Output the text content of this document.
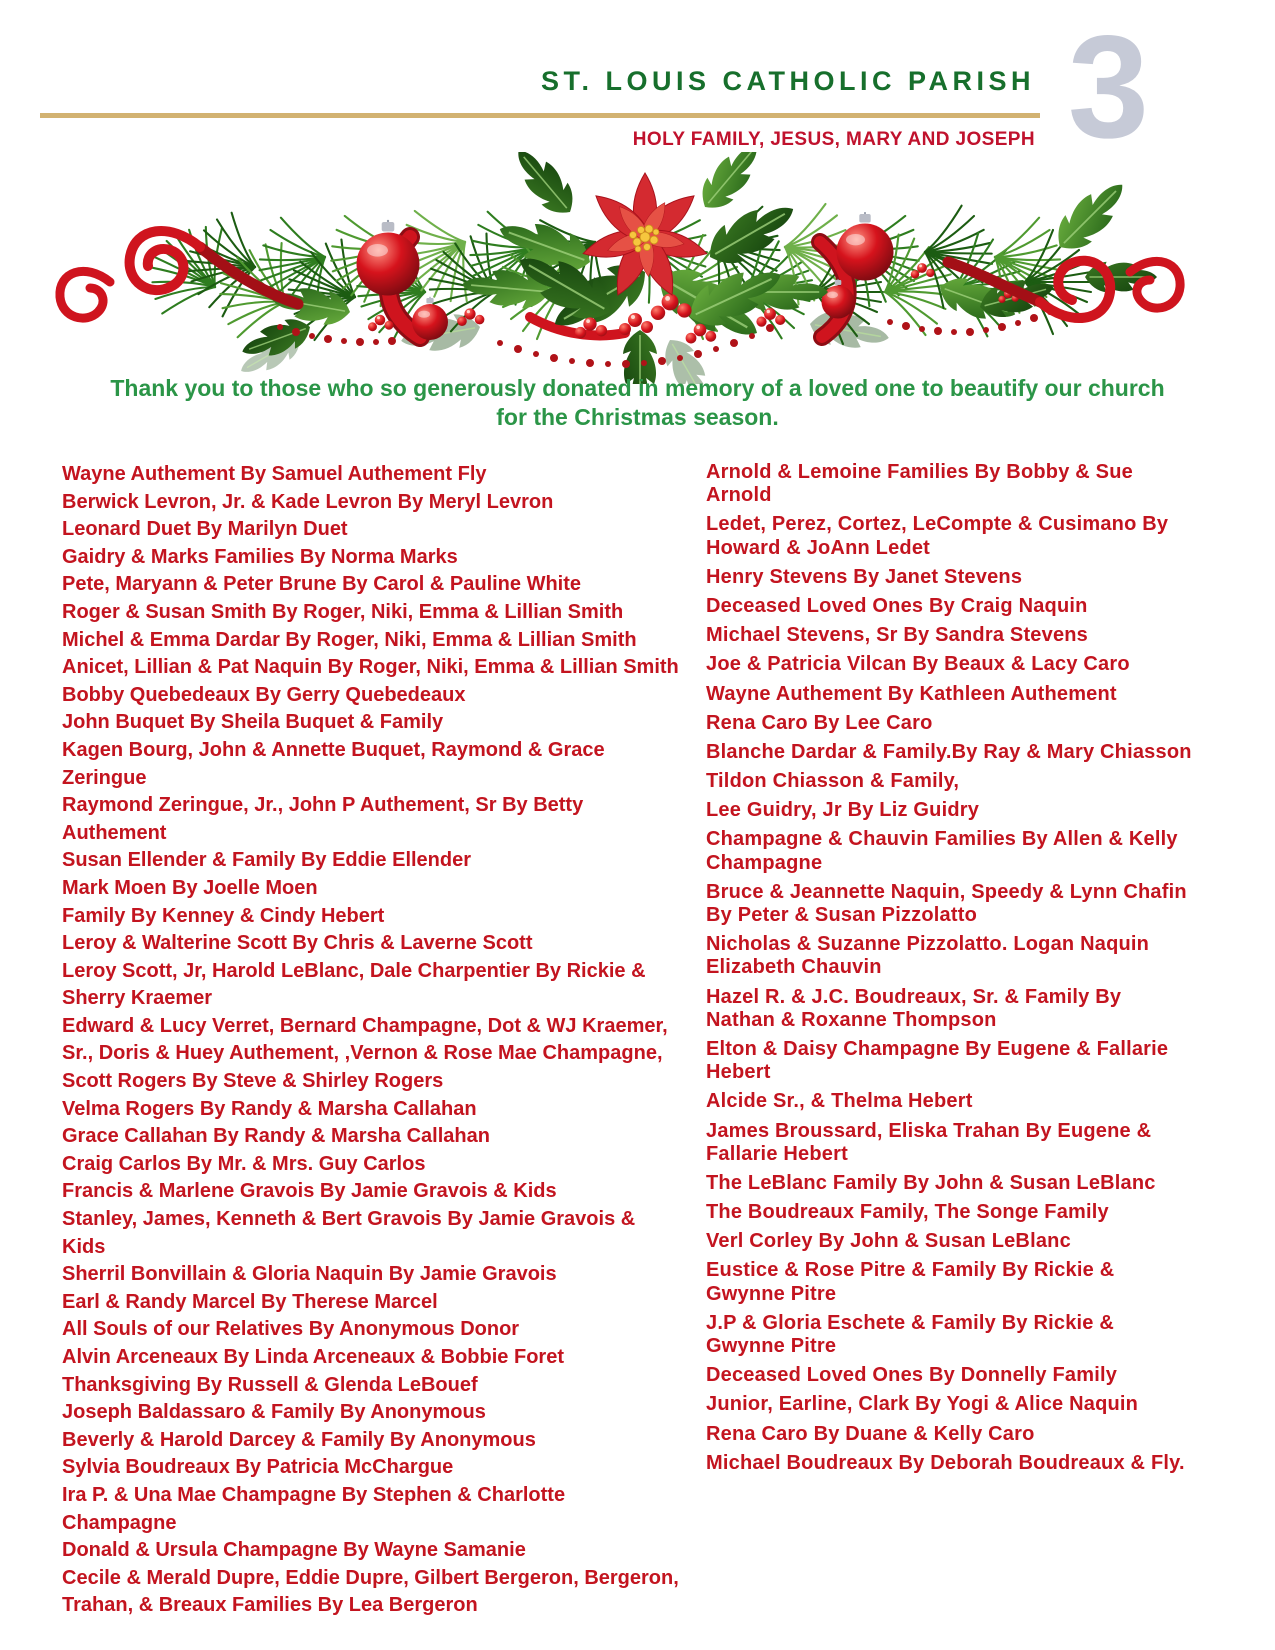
ST. LOUIS CATHOLIC PARISH
HOLY FAMILY, JESUS, MARY AND JOSEPH 3

Thank you to those who so generously donated in memory of a loved one to beautify our church for the Christmas season.

Wayne Authement By Samuel Authement Fly
Berwick Levron, Jr. & Kade Levron By Meryl Levron
Leonard Duet By Marilyn Duet
Gaidry & Marks Families By Norma Marks
Pete, Maryann & Peter Brune By Carol & Pauline White
Roger & Susan Smith By Roger, Niki, Emma & Lillian Smith
Michel & Emma Dardar By Roger, Niki, Emma & Lillian Smith
Anicet, Lillian & Pat Naquin By Roger, Niki, Emma & Lillian Smith
Bobby Quebedeaux By Gerry Quebedeaux
John Buquet By Sheila Buquet & Family
Kagen Bourg, John & Annette Buquet, Raymond & Grace Zeringue
Raymond Zeringue, Jr., John P Authement, Sr By Betty Authement
Susan Ellender & Family By Eddie Ellender
Mark Moen By Joelle Moen
Family By Kenney & Cindy Hebert
Leroy & Walterine Scott By Chris & Laverne Scott
Leroy Scott, Jr, Harold LeBlanc, Dale Charpentier By Rickie & Sherry Kraemer
Edward & Lucy Verret, Bernard Champagne, Dot & WJ Kraemer, Sr., Doris & Huey Authement, ,Vernon & Rose Mae Champagne, Scott Rogers By Steve & Shirley Rogers
Velma Rogers By Randy & Marsha Callahan
Grace Callahan By Randy & Marsha Callahan
Craig Carlos By Mr. & Mrs. Guy Carlos
Francis & Marlene Gravois By Jamie Gravois & Kids
Stanley, James, Kenneth & Bert Gravois By Jamie Gravois & Kids
Sherril Bonvillain & Gloria Naquin By Jamie Gravois
Earl & Randy Marcel By Therese Marcel
All Souls of our Relatives By Anonymous Donor
Alvin Arceneaux By Linda Arceneaux & Bobbie Foret
Thanksgiving By Russell & Glenda LeBouef
Joseph Baldassaro & Family By Anonymous
Beverly & Harold Darcey & Family By Anonymous
Sylvia Boudreaux By Patricia McChargue
Ira P. & Una Mae Champagne By Stephen & Charlotte Champagne
Donald & Ursula Champagne By Wayne Samanie
Cecile & Merald Dupre, Eddie Dupre, Gilbert Bergeron, Bergeron, Trahan, & Breaux Families By Lea Bergeron
Arnold & Lemoine Families By Bobby & Sue Arnold
Ledet, Perez, Cortez, LeCompte & Cusimano By Howard & JoAnn Ledet
Henry Stevens By Janet Stevens
Deceased Loved Ones By Craig Naquin
Michael Stevens, Sr By Sandra Stevens
Joe & Patricia Vilcan By Beaux & Lacy Caro
Wayne Authement By Kathleen Authement
Rena Caro By Lee Caro
Blanche Dardar & Family.By Ray & Mary Chiasson
Tildon Chiasson & Family,
Lee Guidry, Jr By Liz Guidry
Champagne & Chauvin Families By Allen & Kelly Champagne
Bruce & Jeannette Naquin, Speedy & Lynn Chafin By Peter & Susan Pizzolatto
Nicholas & Suzanne Pizzolatto. Logan Naquin Elizabeth Chauvin
Hazel R. & J.C. Boudreaux, Sr. & Family By Nathan & Roxanne Thompson
Elton & Daisy Champagne By Eugene & Fallarie Hebert
Alcide Sr., & Thelma Hebert
James Broussard, Eliska Trahan By Eugene & Fallarie Hebert
The LeBlanc Family By John & Susan LeBlanc
The Boudreaux Family, The Songe Family
Verl Corley By John & Susan LeBlanc
Eustice & Rose Pitre & Family By Rickie & Gwynne Pitre
J.P & Gloria Eschete & Family By Rickie & Gwynne Pitre
Deceased Loved Ones By Donnelly Family
Junior, Earline, Clark By Yogi & Alice Naquin
Rena Caro By Duane & Kelly Caro
Michael Boudreaux By Deborah Boudreaux & Fly.
